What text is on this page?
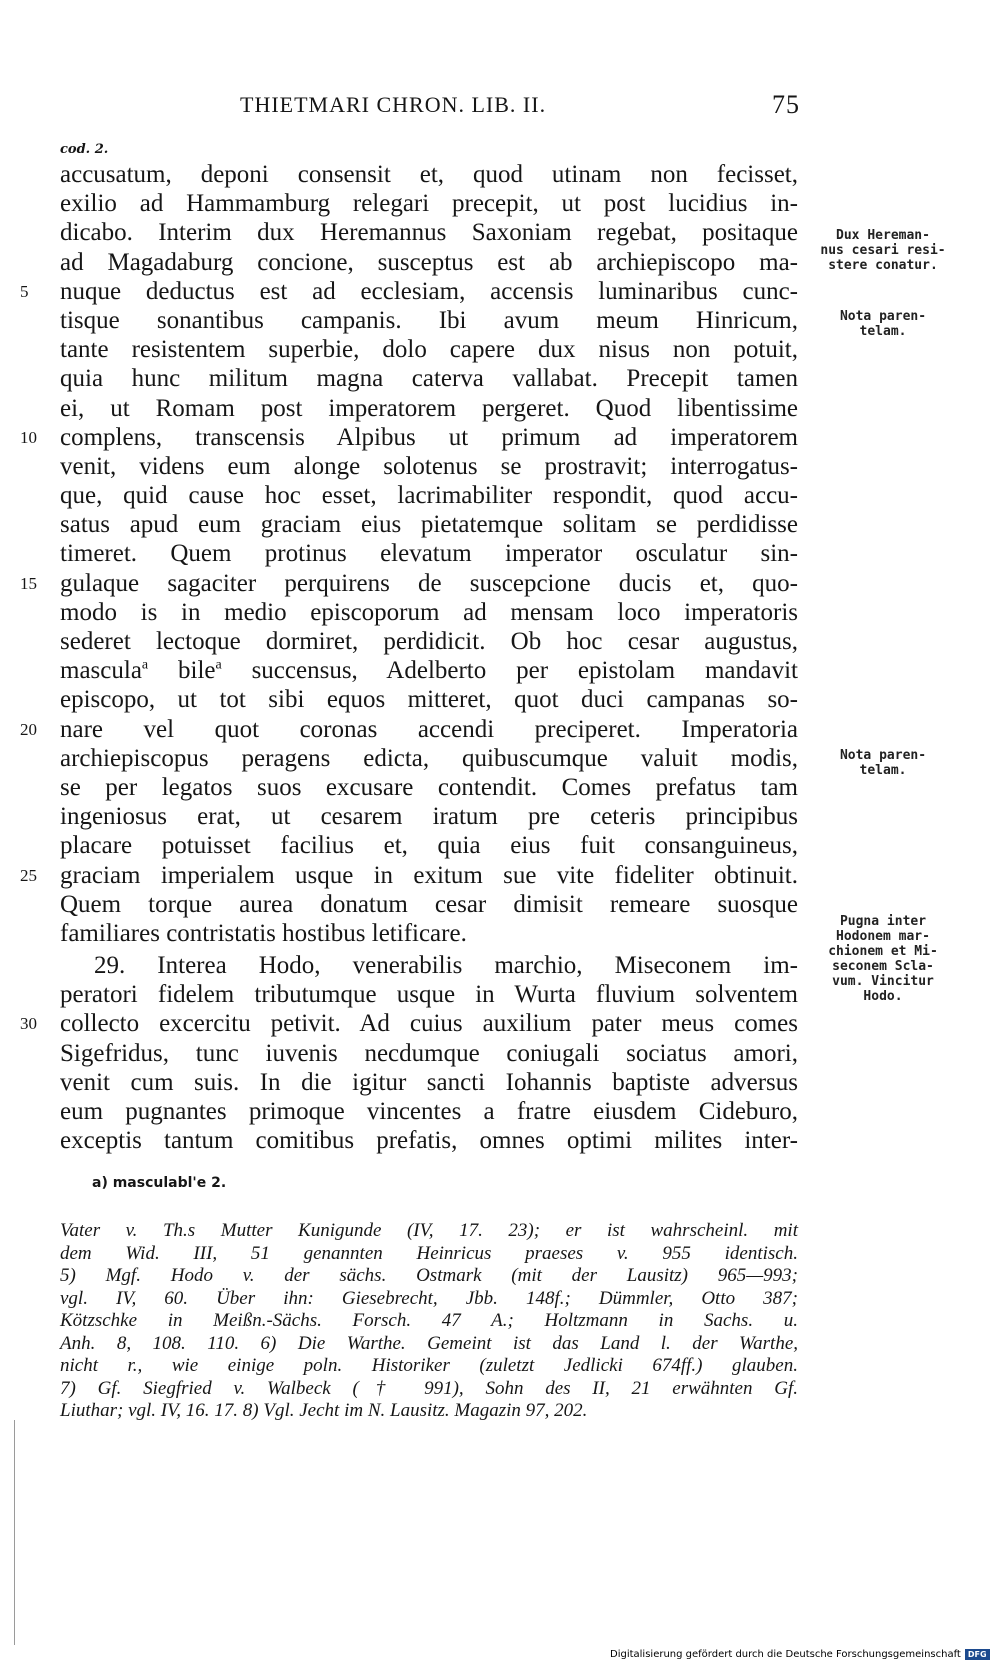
THIETMARI CHRON. LIB. II.	75
cod. 2.
accusatum, deponi consensit et, quod utinam non fecisset,
exilio ad Hammamburg relegari precepit, ut post lucidius in-
dicabo. Interim dux Heremannus Saxoniam regebat, positaque
ad Magadaburg concione, susceptus est ab archiepiscopo ma-
5	nuque deductus est ad ecclesiam, accensis luminaribus cunc-
tisque sonantibus campanis. Ibi avum meum Hinricum,
tante resistentem superbie, dolo capere dux nisus non potuit,
quia hunc militum magna caterva vallabat. Precepit tamen
ei, ut Romam post imperatorem pergeret. Quod libentissime
10 complens, transcensis Alpibus ut primum ad imperatorem
venit, videns eum alonge solotenus se prostravit; interrogatus-
que, quid cause hoc esset, lacrimabiliter respondit, quod accu-
satus apud eum graciam eius pietatemque solitam se perdidisse
timeret. Quem protinus elevatum imperator osculatur sin-
15 gulaque sagaciter perquirens de suscepcione ducis et, quo-
modo is in medio episcoporum ad mensam loco imperatoris
sederet lectoque dormiret, perdidicit. Ob hoc cesar augustus,
mascula$^a$ bile$^a$ succensus, Adelberto per epistolam mandavit
episcopo, ut tot sibi equos mitteret, quot duci campanas so-
20 nare vel quot coronas accendi preciperet. Imperatoria
archiepiscopus peragens edicta, quibuscumque valuit modis,
se per legatos suos excusare contendit. Comes prefatus tam
ingeniosus erat, ut cesarem iratum pre ceteris principibus
placare potuisset facilius et, quia eius fuit consanguineus,
25 graciam imperialem usque in exitum sue vite fideliter obtinuit.
Quem torque aurea donatum cesar dimisit remeare suosque
familiares contristatis hostibus letificare.
29. Interea Hodo, venerabilis marchio, Miseconem im-
peratori fidelem tributumque usque in Wurta fluvium solventem
30 collecto excercitu petivit. Ad cuius auxilium pater meus comes
Sigefridus, tunc iuvenis necdumque coniugali sociatus amori,
venit cum suis. In die igitur sancti Iohannis baptiste adversus
eum pugnantes primoque vincentes a fratre eiusdem Cideburo,
exceptis tantum comitibus prefatis, omnes optimi milites inter-
Dux Hereman-
nus cesari resi-
stere conatur.
Nota paren-
telam.
Nota paren-
telam.
Pugna inter
Hodonem mar-
chionem et Mi-
seconem Scla-
vum. Vincitur
Hodo.
a) masculabl'e 2.
Vater v. Th.s Mutter Kunigunde (IV, 17. 23); er ist wahrscheinl. mit
dem Wid. III, 51 genannten Heinricus praeses v. 955 identisch.
5) Mgf. Hodo v. der sächs. Ostmark (mit der Lausitz) 965—993;
vgl. IV, 60. Über ihn: Giesebrecht, Jbb. 148f.; Dümmler, Otto 387;
Kötzschke in Meißn.-Sächs. Forsch. 47 A.; Holtzmann in Sachs. u.
Anh. 8, 108. 110. 6) Die Warthe. Gemeint ist das Land l. der Warthe,
nicht r., wie einige poln. Historiker (zuletzt Jedlicki 674ff.) glauben.
7) Gf. Siegfried v. Walbeck († 991), Sohn des II, 21 erwähnten Gf.
Liuthar; vgl. IV, 16. 17. 8) Vgl. Jecht im N. Lausitz. Magazin 97, 202.
Digitalisierung gefördert durch die Deutsche Forschungsgemeinschaft DFG
